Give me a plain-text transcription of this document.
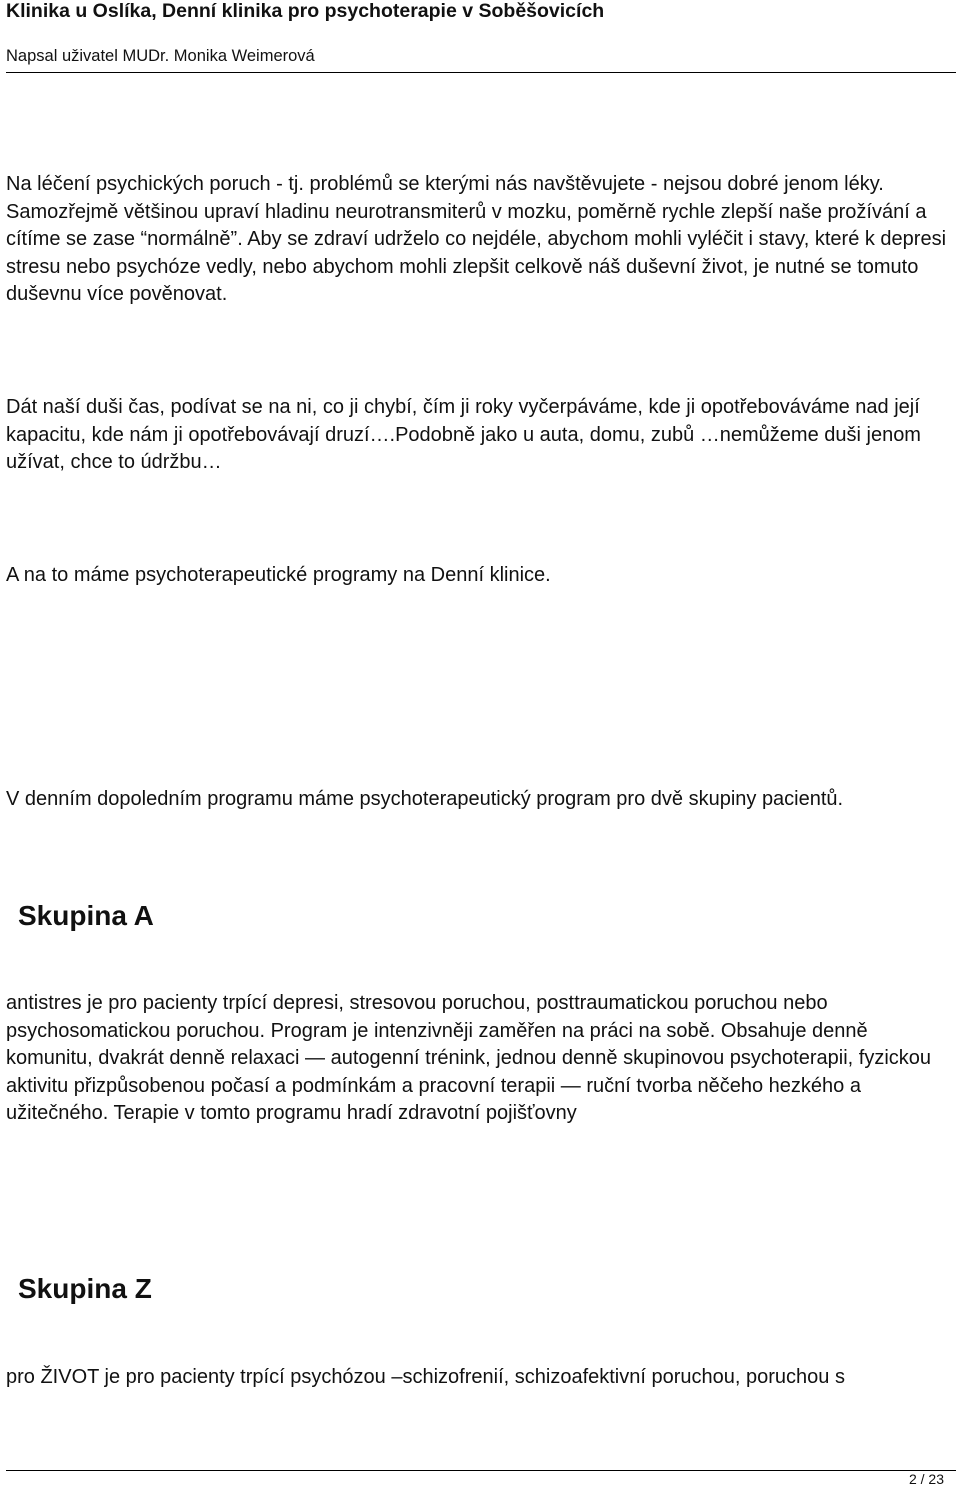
Klinika u Oslíka, Denní klinika pro psychoterapie v Soběšovicích
Napsal uživatel MUDr. Monika Weimerová

Na léčení psychických poruch - tj. problémů se kterými nás navštěvujete - nejsou dobré jenom léky. Samozřejmě většinou upraví hladinu neurotransmiterů v mozku, poměrně rychle zlepší naše prožívání a cítíme se zase “normálně”. Aby se zdraví udrželo co nejdéle, abychom mohli vyléčit i stavy, které k depresi stresu nebo psychóze vedly, nebo abychom mohli zlepšit celkově náš duševní život, je nutné se tomuto duševnu více pověnovat.

Dát naší duši čas, podívat se na ni, co ji chybí, čím ji roky vyčerpáváme, kde ji opotřebováváme nad její kapacitu, kde nám ji opotřebovávají druzí….Podobně jako u auta, domu, zubů …nemůžeme duši jenom užívat, chce to údržbu…

A na to máme psychoterapeutické programy na Denní klinice.

V denním dopoledním programu máme psychoterapeutický program pro dvě skupiny pacientů.

Skupina A

antistres je pro pacienty trpící depresi, stresovou poruchou, posttraumatickou poruchou nebo psychosomatickou poruchou. Program je intenzivněji zaměřen na práci na sobě. Obsahuje denně komunitu, dvakrát denně relaxaci — autogenní trénink, jednou denně skupinovou psychoterapii, fyzickou aktivitu přizpůsobenou počasí a podmínkám a pracovní terapii — ruční tvorba něčeho hezkého a užitečného. Terapie v tomto programu hradí zdravotní pojišťovny

Skupina Z

pro ŽIVOT je pro pacienty trpící psychózou –schizofrenií, schizoafektivní poruchou, poruchou s

2 / 23
